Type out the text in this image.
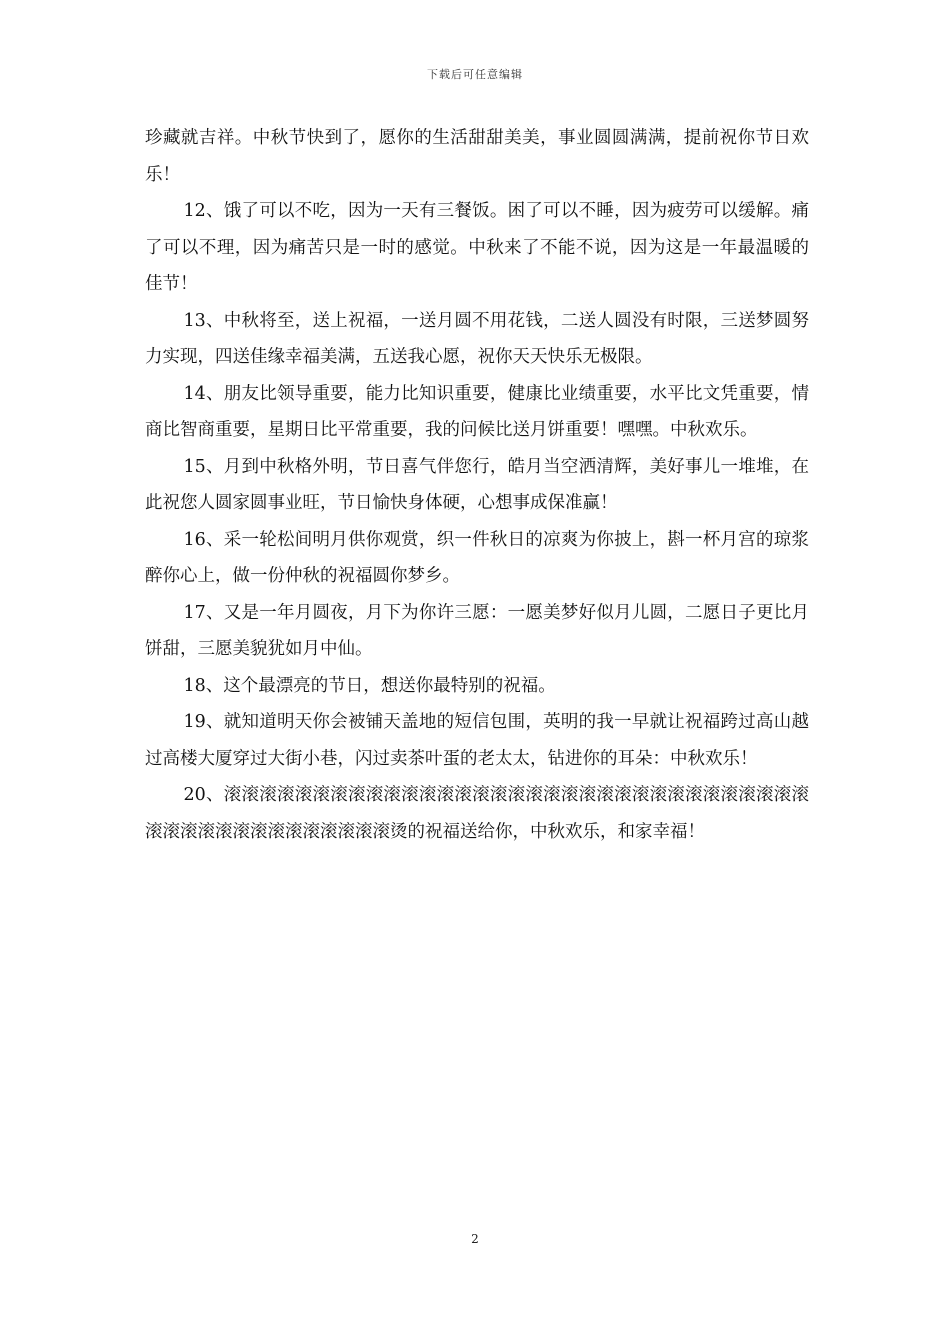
下载后可任意编辑

珍藏就吉祥。中秋节快到了，愿你的生活甜甜美美，事业圆圆满满，提前祝你节日欢乐！

12、饿了可以不吃，因为一天有三餐饭。困了可以不睡，因为疲劳可以缓解。痛了可以不理，因为痛苦只是一时的感觉。中秋来了不能不说，因为这是一年最温暖的佳节！

13、中秋将至，送上祝福，一送月圆不用花钱，二送人圆没有时限，三送梦圆努力实现，四送佳缘幸福美满，五送我心愿，祝你天天快乐无极限。

14、朋友比领导重要，能力比知识重要，健康比业绩重要，水平比文凭重要，情商比智商重要，星期日比平常重要，我的问候比送月饼重要！嘿嘿。中秋欢乐。

15、月到中秋格外明，节日喜气伴您行，皓月当空洒清辉，美好事儿一堆堆，在此祝您人圆家圆事业旺，节日愉快身体硬，心想事成保准赢！

16、采一轮松间明月供你观赏，织一件秋日的凉爽为你披上，斟一杯月宫的琼浆醉你心上，做一份仲秋的祝福圆你梦乡。

17、又是一年月圆夜，月下为你许三愿：一愿美梦好似月儿圆，二愿日子更比月饼甜，三愿美貌犹如月中仙。

18、这个最漂亮的节日，想送你最特别的祝福。

19、就知道明天你会被铺天盖地的短信包围，英明的我一早就让祝福跨过高山越过高楼大厦穿过大街小巷，闪过卖茶叶蛋的老太太，钻进你的耳朵：中秋欢乐！

20、滚滚滚滚滚滚滚滚滚滚滚滚滚滚滚滚滚滚滚滚滚滚滚滚滚滚滚滚滚滚滚滚滚滚滚滚滚滚滚滚滚滚滚滚滚滚滚烫的祝福送给你，中秋欢乐，和家幸福！

2
